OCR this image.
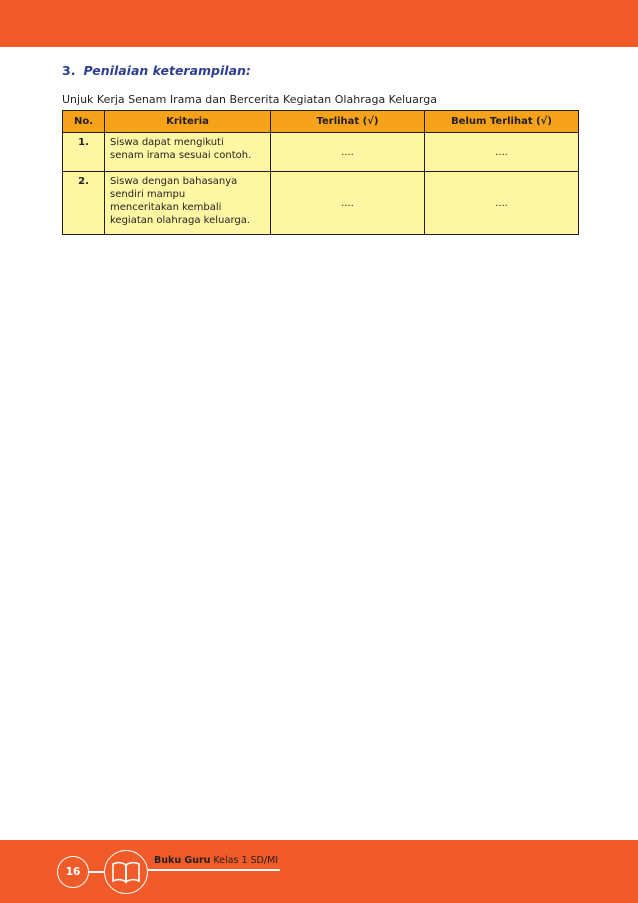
3. Penilaian keterampilan:

Unjuk Kerja Senam Irama dan Bercerita Kegiatan Olahraga Keluarga

No.	Kriteria	Terlihat (√)	Belum Terlihat (√)
1.	Siswa dapat mengikuti
senam irama sesuai contoh.	....	....
2.	Siswa dengan bahasanya
sendiri mampu
menceritakan kembali
kegiatan olahraga keluarga.	....	....
16

Buku Guru Kelas 1 SD/MI
